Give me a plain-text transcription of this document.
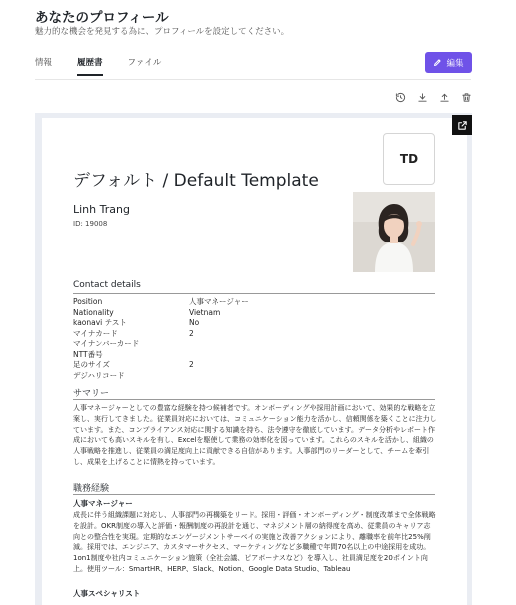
あなたのプロフィール
魅力的な機会を発見する為に、プロフィールを設定してください。
情報	履歴書	ファイル	編集
TD
デフォルト / Default Template
Linh Trang
ID: 19008
Contact details
Position	人事マネージャー
Nationality	Vietnam
kaonavi テスト	No
マイナカード	2
マイナンバーカード
NTT番号
足のサイズ	2
デジハリコード
サマリー
人事マネージャーとしての豊富な経験を持つ候補者です。オンボーディングや採用計画において、効果的な戦略を立案し、実行してきました。従業員対応においては、コミュニケーション能力を活かし、信頼関係を築くことに注力しています。また、コンプライアンス対応に関する知識を持ち、法令遵守を徹底しています。データ分析やレポート作成においても高いスキルを有し、Excelを駆使して業務の効率化を図っています。これらのスキルを活かし、組織の人事戦略を推進し、従業員の満足度向上に貢献できる自信があります。人事部門のリーダーとして、チームを牽引し、成果を上げることに情熱を持っています。
職務経験
人事マネージャー
成長に伴う組織課題に対応し、人事部門の再構築をリード。採用・評価・オンボーディング・制度改革まで全体戦略を設計。OKR制度の導入と評価・報酬制度の再設計を通じ、マネジメント層の納得度を高め、従業員のキャリア志向との整合性を実現。定期的なエンゲージメントサーベイの実施と改善アクションにより、離職率を前年比25%削減。採用では、エンジニア、カスタマーサクセス、マーケティングなど多職種で年間70名以上の中途採用を成功。1on1制度や社内コミュニケーション施策（全社会議、ピアボーナスなど）を導入し、社員満足度を20ポイント向上。使用ツール：SmartHR、HERP、Slack、Notion、Google Data Studio、Tableau
人事スペシャリスト
